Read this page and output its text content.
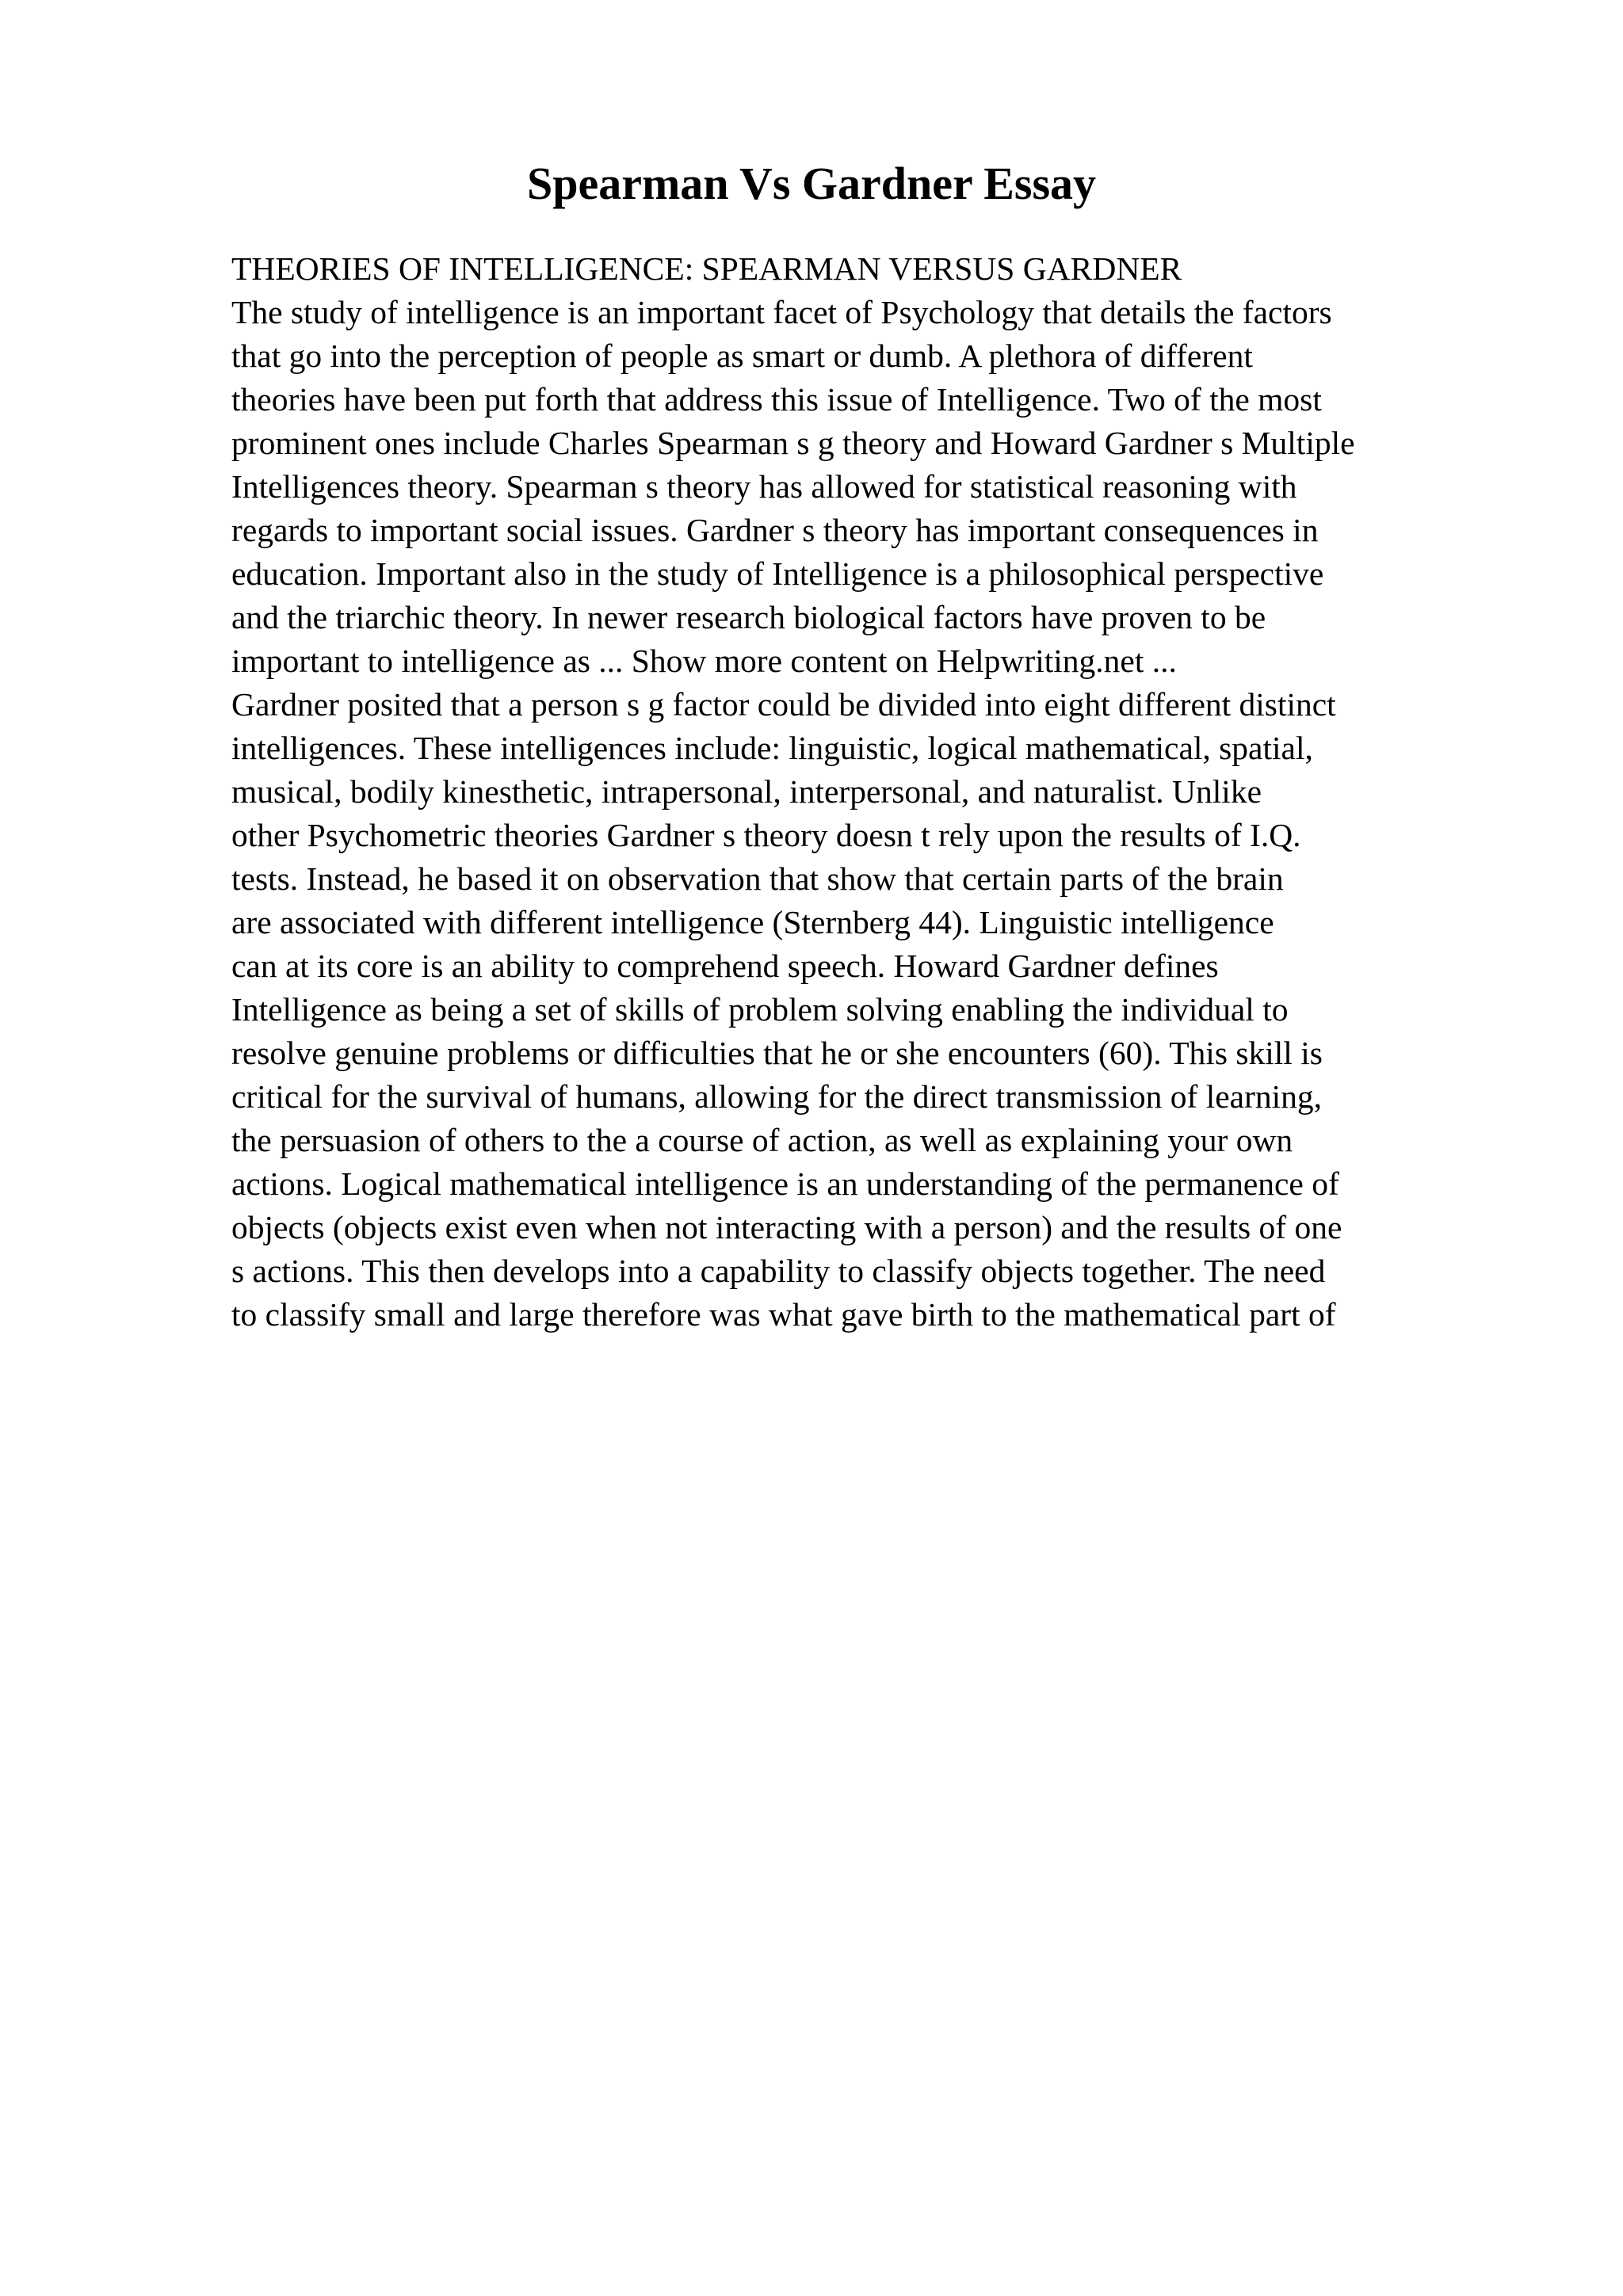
Spearman Vs Gardner Essay
THEORIES OF INTELLIGENCE: SPEARMAN VERSUS GARDNER
The study of intelligence is an important facet of Psychology that details the factors
that go into the perception of people as smart or dumb. A plethora of different
theories have been put forth that address this issue of Intelligence. Two of the most
prominent ones include Charles Spearman s g theory and Howard Gardner s Multiple
Intelligences theory. Spearman s theory has allowed for statistical reasoning with
regards to important social issues. Gardner s theory has important consequences in
education. Important also in the study of Intelligence is a philosophical perspective
and the triarchic theory. In newer research biological factors have proven to be
important to intelligence as ... Show more content on Helpwriting.net ...
Gardner posited that a person s g factor could be divided into eight different distinct
intelligences. These intelligences include: linguistic, logical mathematical, spatial,
musical, bodily kinesthetic, intrapersonal, interpersonal, and naturalist. Unlike
other Psychometric theories Gardner s theory doesn t rely upon the results of I.Q.
tests. Instead, he based it on observation that show that certain parts of the brain
are associated with different intelligence (Sternberg 44). Linguistic intelligence
can at its core is an ability to comprehend speech. Howard Gardner defines
Intelligence as being a set of skills of problem solving enabling the individual to
resolve genuine problems or difficulties that he or she encounters (60). This skill is
critical for the survival of humans, allowing for the direct transmission of learning,
the persuasion of others to the a course of action, as well as explaining your own
actions. Logical mathematical intelligence is an understanding of the permanence of
objects (objects exist even when not interacting with a person) and the results of one
s actions. This then develops into a capability to classify objects together. The need
to classify small and large therefore was what gave birth to the mathematical part of
